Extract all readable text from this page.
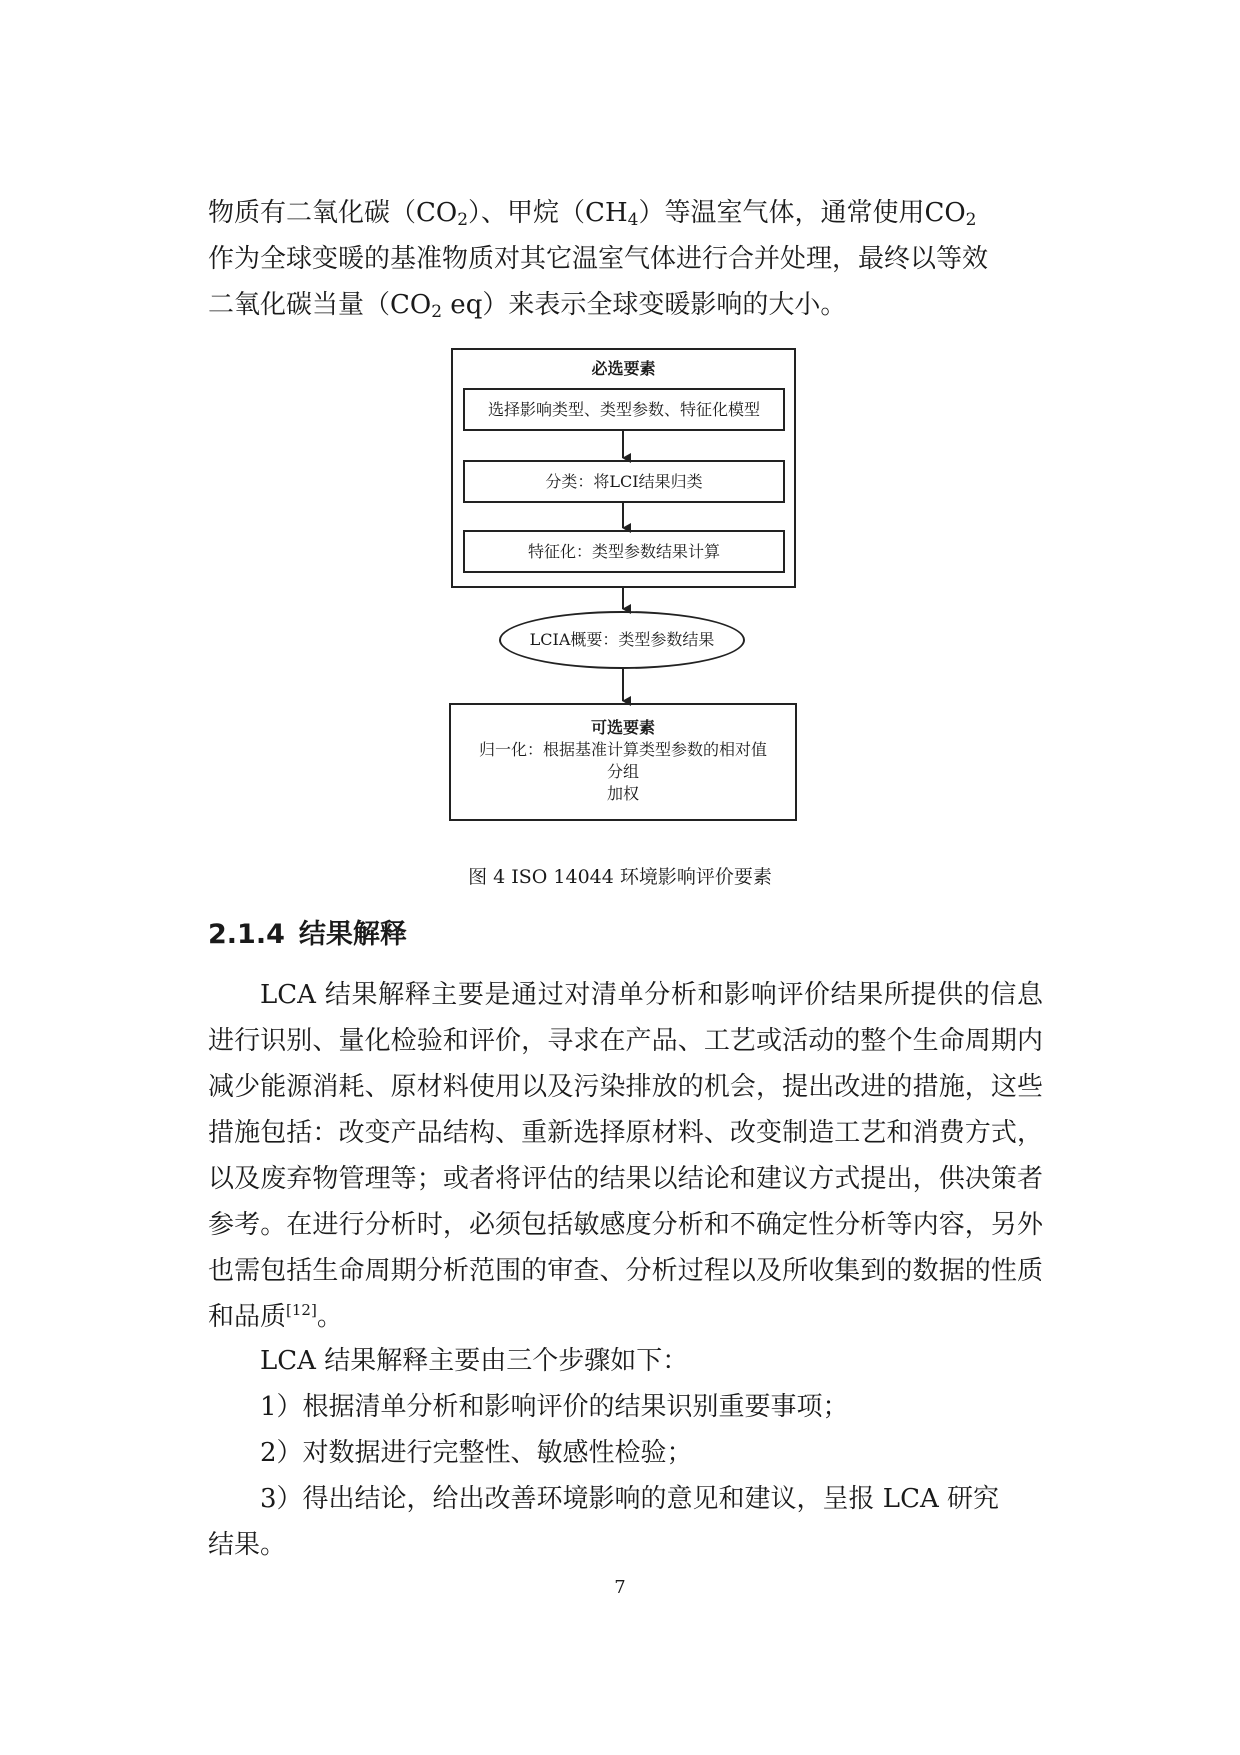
物质有二氧化碳$(CO_2)$、甲烷$(CH_4)$等温室气体，通常使用$CO_2$

作为全球变暖的基准物质对其它温室气体进行合并处理，最终以等效

二氧化碳当量（$CO_2$ eq）来表示全球变暖影响的大小。

必选要素
选择影响类型、类型参数、特征化模型
分类：将LCI结果归类
特征化：类型参数结果计算
LCIA概要：类型参数结果
可选要素
归一化：根据基准计算类型参数的相对值
分组
加权

图 4 ISO 14044 环境影响评价要素

2.1.4 结果解释

LCA 结果解释主要是通过对清单分析和影响评价结果所提供的信息进行识别、量化检验和评价，寻求在产品、工艺或活动的整个生命周期内减少能源消耗、原材料使用以及污染排放的机会，提出改进的措施，这些措施包括：改变产品结构、重新选择原材料、改变制造工艺和消费方式，以及废弃物管理等；或者将评估的结果以结论和建议方式提出，供决策者参考。在进行分析时，必须包括敏感度分析和不确定性分析等内容，另外也需包括生命周期分析范围的审查、分析过程以及所收集到的数据的性质和品质[12]。

LCA 结果解释主要由三个步骤如下：

1）根据清单分析和影响评价的结果识别重要事项；

2）对数据进行完整性、敏感性检验；

3）得出结论，给出改善环境影响的意见和建议，呈报 LCA 研究

结果。

7
